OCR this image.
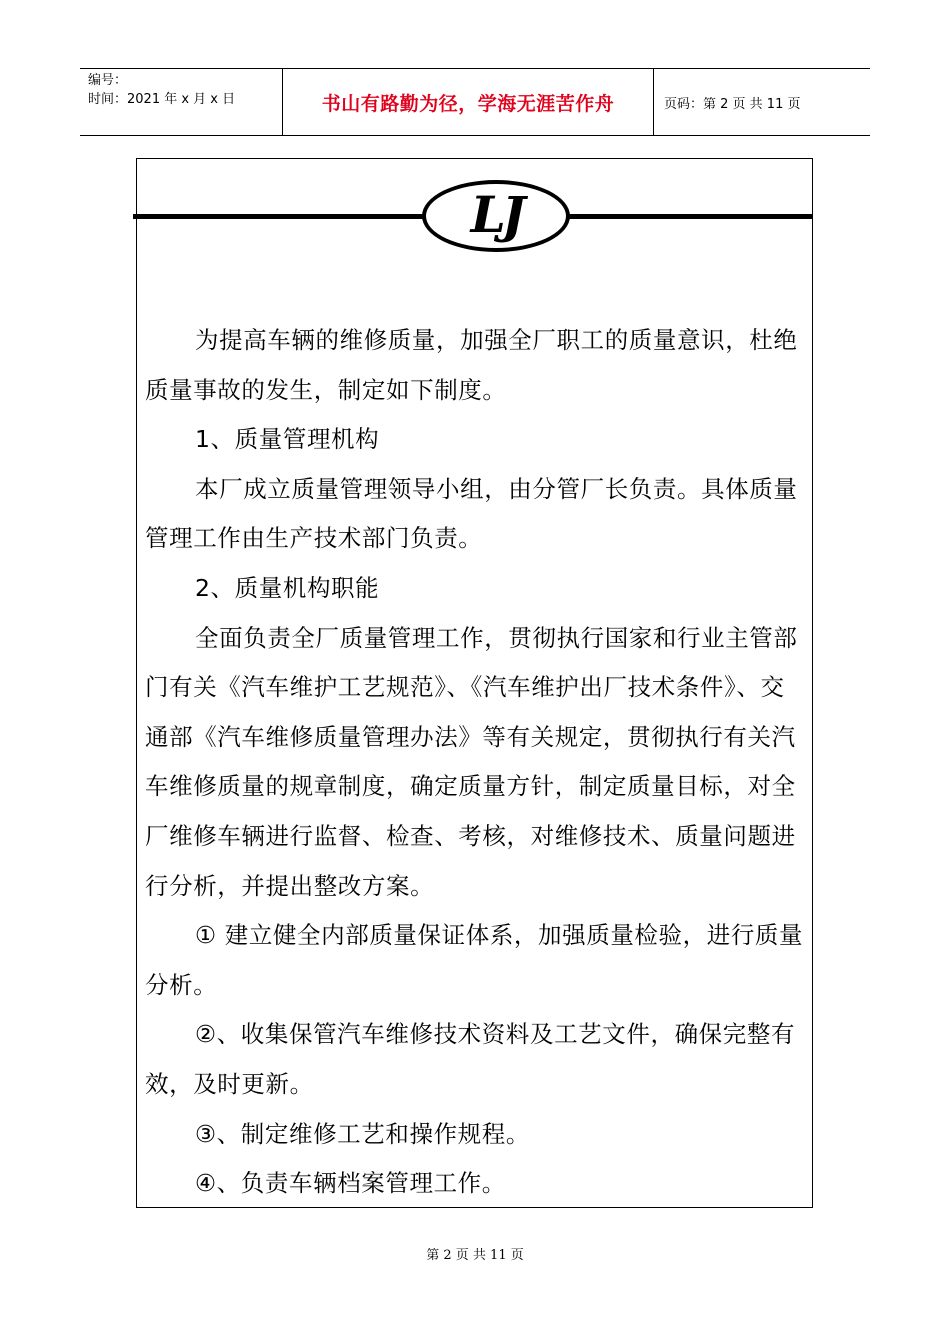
编号：
时间：2021 年 x 月 x 日	书山有路勤为径，学海无涯苦作舟	页码：第 2 页 共 11 页
LJ

为提高车辆的维修质量，加强全厂职工的质量意识，杜绝质量事故的发生，制定如下制度。

1、质量管理机构

本厂成立质量管理领导小组，由分管厂长负责。具体质量管理工作由生产技术部门负责。

2、质量机构职能

全面负责全厂质量管理工作，贯彻执行国家和行业主管部门有关《汽车维护工艺规范》、《汽车维护出厂技术条件》、交通部《汽车维修质量管理办法》等有关规定，贯彻执行有关汽车维修质量的规章制度，确定质量方针，制定质量目标，对全厂维修车辆进行监督、检查、考核，对维修技术、质量问题进行分析，并提出整改方案。

① 建立健全内部质量保证体系，加强质量检验，进行质量分析。

②、收集保管汽车维修技术资料及工艺文件，确保完整有效，及时更新。

③、制定维修工艺和操作规程。

④、负责车辆档案管理工作。

第 2 页 共 11 页
